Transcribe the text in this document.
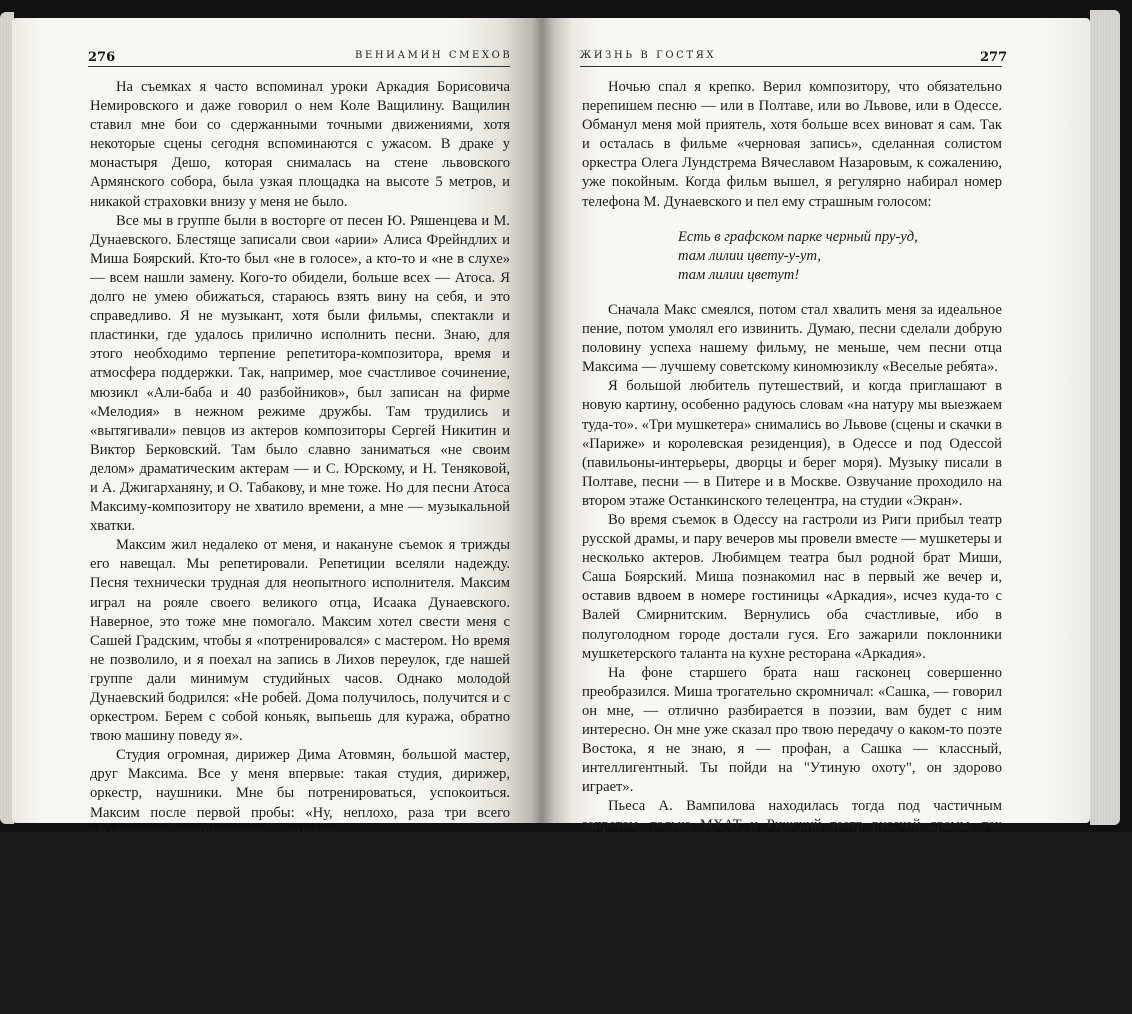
276	ВЕНИАМИН СМЕХОВ

На съемках я часто вспоминал уроки Аркадия Борисовича Немировского и даже говорил о нем Коле Ващилину. Ващилин ставил мне бои со сдержанными точными движениями, хотя некоторые сцены сегодня вспоминаются с ужасом. В драке у монастыря Дешо, которая снималась на стене львовского Армянского собора, была узкая площадка на высоте 5 метров, и никакой страховки внизу у меня не было.

Все мы в группе были в восторге от песен Ю. Ряшенцева и М. Дунаевского. Блестяще записали свои «арии» Алиса Фрейндлих и Миша Боярский. Кто-то был «не в голосе», а кто-то и «не в слухе» — всем нашли замену. Кого-то обидели, больше всех — Атоса. Я долго не умею обижаться, стараюсь взять вину на себя, и это справедливо. Я не музыкант, хотя были фильмы, спектакли и пластинки, где удалось прилично исполнить песни. Знаю, для этого необходимо терпение репетитора-композитора, время и атмосфера поддержки. Так, например, мое счастливое сочинение, мюзикл «Али-баба и 40 разбойников», был записан на фирме «Мелодия» в нежном режиме дружбы. Там трудились и «вытягивали» певцов из актеров композиторы Сергей Никитин и Виктор Берковский. Там было славно заниматься «не своим делом» драматическим актерам — и С. Юрскому, и Н. Теняковой, и А. Джигарханяну, и О. Табакову, и мне тоже. Но для песни Атоса Максиму-композитору не хватило времени, а мне — музыкальной хватки.

Максим жил недалеко от меня, и накануне съемок я трижды его навещал. Мы репетировали. Репетиции вселяли надежду. Песня технически трудная для неопытного исполнителя. Максим играл на рояле своего великого отца, Исаака Дунаевского. Наверное, это тоже мне помогало. Максим хотел свести меня с Сашей Градским, чтобы я «потренировался» с мастером. Но время не позволило, и я поехал на запись в Лихов переулок, где нашей группе дали минимум студийных часов. Однако молодой Дунаевский бодрился: «Не робей. Дома получилось, получится и с оркестром. Берем с собой коньяк, выпьешь для куража, обратно твою машину поведу я».

Студия огромная, дирижер Дима Атовмян, большой мастер, друг Максима. Все у меня впервые: такая студия, дирижер, оркестр, наушники. Мне бы потренироваться, успокоиться. Максим после первой пробы: «Ну, неплохо, раза три всего сфальшивил, прими коньяку — смелее!»

Коньяк у меня, конечно, не впервые, но в сочетании с новой закуской («черный пруд… там лилии цветут…») — напиток вышел боком. Я спел так смело и громко, что слушать этот «дубль» было невозможно. Еще выпил, еще спел, еще больше содрогнулся от фальши в записи. Мой голос, как лошадь, испугался пьяного «наездника» и «выбросил» меня из седла. Кое-как записали куплет Атоса в общей песне мушкетеров («На волоске судьба твоя, враги полны отваги…»), а главную песню решили отложить.

ЖИЗНЬ В ГОСТЯХ	277

Ночью спал я крепко. Верил композитору, что обязательно перепишем песню — или в Полтаве, или во Львове, или в Одессе. Обманул меня мой приятель, хотя больше всех виноват я сам. Так и осталась в фильме «черновая запись», сделанная солистом оркестра Олега Лундстрема Вячеславом Назаровым, к сожалению, уже покойным. Когда фильм вышел, я регулярно набирал номер телефона М. Дунаевского и пел ему страшным голосом:

Есть в графском парке черный пру-уд,
там лилии цвету-у-ут,
там лилии цветут!

Сначала Макс смеялся, потом стал хвалить меня за идеальное пение, потом умолял его извинить. Думаю, песни сделали добрую половину успеха нашему фильму, не меньше, чем песни отца Максима — лучшему советскому киномюзиклу «Веселые ребята».

Я большой любитель путешествий, и когда приглашают в новую картину, особенно радуюсь словам «на натуру мы выезжаем туда-то». «Три мушкетера» снимались во Львове (сцены и скачки в «Париже» и королевская резиденция), в Одессе и под Одессой (павильоны-интерьеры, дворцы и берег моря). Музыку писали в Полтаве, песни — в Питере и в Москве. Озвучание проходило на втором этаже Останкинского телецентра, на студии «Экран».

Во время съемок в Одессу на гастроли из Риги прибыл театр русской драмы, и пару вечеров мы провели вместе — мушкетеры и несколько актеров. Любимцем театра был родной брат Миши, Саша Боярский. Миша познакомил нас в первый же вечер и, оставив вдвоем в номере гостиницы «Аркадия», исчез куда-то с Валей Смирнитским. Вернулись оба счастливые, ибо в полуголодном городе достали гуся. Его зажарили поклонники мушкетерского таланта на кухне ресторана «Аркадия».

На фоне старшего брата наш гасконец совершенно преобразился. Миша трогательно скромничал: «Сашка, — говорил он мне, — отлично разбирается в поэзии, вам будет с ним интересно. Он мне уже сказал про твою передачу о каком-то поэте Востока, я не знаю, я — профан, а Сашка — классный, интеллигентный. Ты пойди на "Утиную охоту", он здорово играет».

Пьеса А. Вампилова находилась тогда под частичным запретом, только МХАТ и Рижский театр русской драмы, так сказать, прорвались. В рижском спектакле, у режиссера А. Каца «Утиная охота» вышла и естественно-правдивой и одновременно трагически-символичной, и все играли хорошо, но лучше всех играл официанта Диму — Саша Боярский. Потом я встречался с Сашей в Риге и в Киеве, перед отлетом их театра на гастроли в Болгарию. Там Саша погиб — нелепо и трагично, замечательный артист, на-
